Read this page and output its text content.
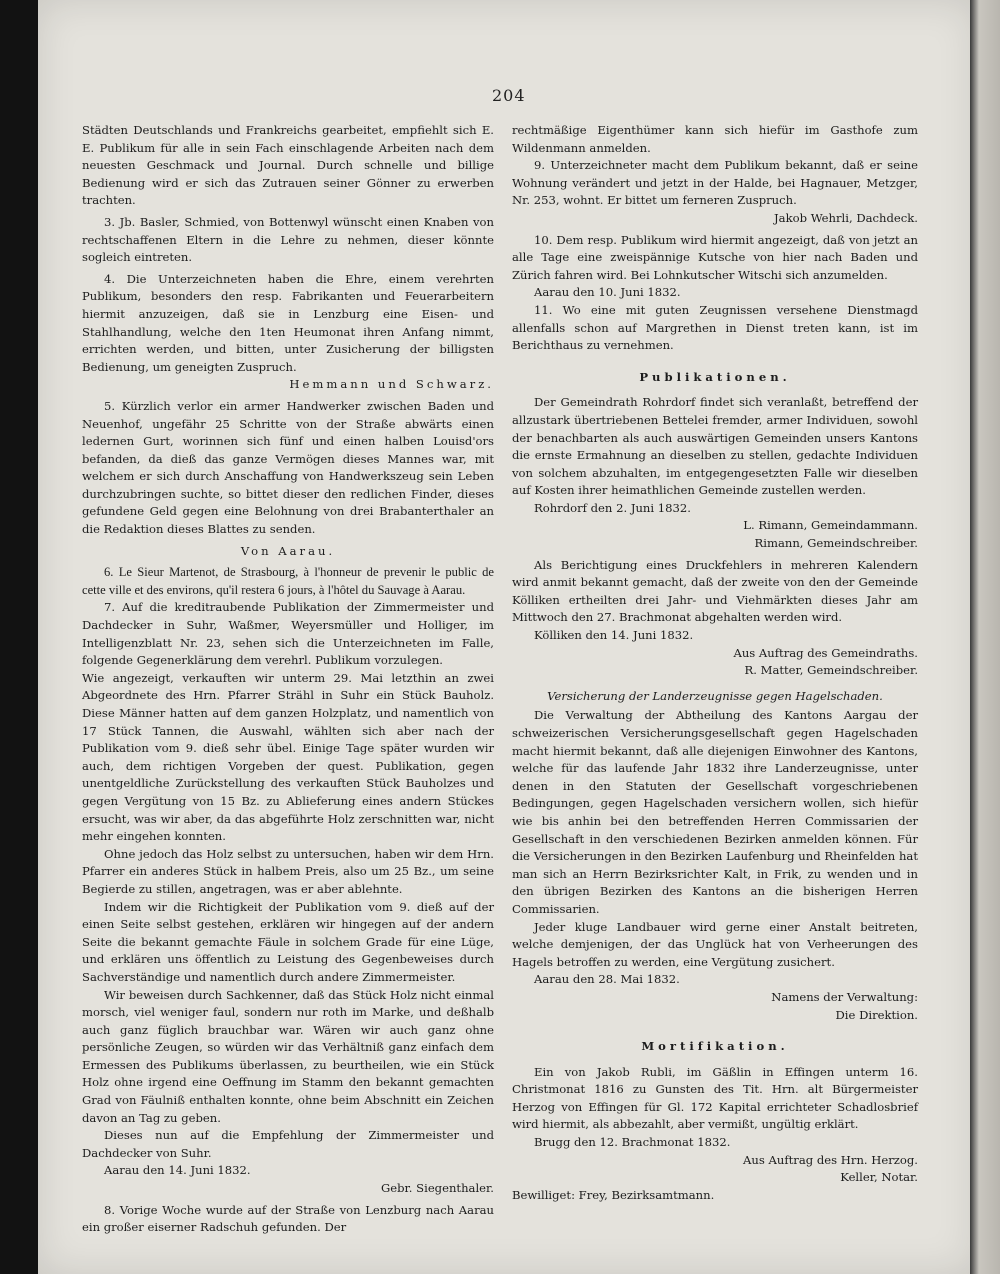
204

Städten Deutschlands und Frankreichs gearbeitet, empfiehlt sich E. E. Publikum für alle in sein Fach einschlagende Arbeiten nach dem neuesten Geschmack und Journal. Durch schnelle und billige Bedienung wird er sich das Zutrauen seiner Gönner zu erwerben trachten.

3. Jb. Basler, Schmied, von Bottenwyl wünscht einen Knaben von rechtschaffenen Eltern in die Lehre zu nehmen, dieser könnte sogleich eintreten.

4. Die Unterzeichneten haben die Ehre, einem verehrten Publikum, besonders den resp. Fabrikanten und Feuerarbeitern hiermit anzuzeigen, daß sie in Lenzburg eine Eisen- und Stahlhandlung, welche den 1ten Heumonat ihren Anfang nimmt, errichten werden, und bitten, unter Zusicherung der billigsten Bedienung, um geneigten Zuspruch.

Hemmann und Schwarz.

5. Kürzlich verlor ein armer Handwerker zwischen Baden und Neuenhof, ungefähr 25 Schritte von der Straße abwärts einen ledernen Gurt, worinnen sich fünf und einen halben Louisd'ors befanden, da dieß das ganze Vermögen dieses Mannes war, mit welchem er sich durch Anschaffung von Handwerkszeug sein Leben durchzubringen suchte, so bittet dieser den redlichen Finder, dieses gefundene Geld gegen eine Belohnung von drei Brabanterthaler an die Redaktion dieses Blattes zu senden.

Von Aarau.

6. Le Sieur Martenot, de Strasbourg, à l'honneur de prevenir le public de cette ville et des environs, qu'il restera 6 jours, à l'hôtel du Sauvage à Aarau.

7. Auf die kreditraubende Publikation der Zimmermeister und Dachdecker in Suhr, Waßmer, Weyersmüller und Holliger, im Intelligenzblatt Nr. 23, sehen sich die Unterzeichneten im Falle, folgende Gegenerklärung dem verehrl. Publikum vorzulegen.

Wie angezeigt, verkauften wir unterm 29. Mai letzthin an zwei Abgeordnete des Hrn. Pfarrer Strähl in Suhr ein Stück Bauholz. Diese Männer hatten auf dem ganzen Holzplatz, und namentlich von 17 Stück Tannen, die Auswahl, wählten sich aber nach der Publikation vom 9. dieß sehr übel. Einige Tage später wurden wir auch, dem richtigen Vorgeben der quest. Publikation, gegen unentgeldliche Zurückstellung des verkauften Stück Bauholzes und gegen Vergütung von 15 Bz. zu Ablieferung eines andern Stückes ersucht, was wir aber, da das abgeführte Holz zerschnitten war, nicht mehr eingehen konnten.

Ohne jedoch das Holz selbst zu untersuchen, haben wir dem Hrn. Pfarrer ein anderes Stück in halbem Preis, also um 25 Bz., um seine Begierde zu stillen, angetragen, was er aber ablehnte.

Indem wir die Richtigkeit der Publikation vom 9. dieß auf der einen Seite selbst gestehen, erklären wir hingegen auf der andern Seite die bekannt gemachte Fäule in solchem Grade für eine Lüge, und erklären uns öffentlich zu Leistung des Gegenbeweises durch Sachverständige und namentlich durch andere Zimmermeister.

Wir beweisen durch Sachkenner, daß das Stück Holz nicht einmal morsch, viel weniger faul, sondern nur roth im Marke, und deßhalb auch ganz füglich brauchbar war. Wären wir auch ganz ohne persönliche Zeugen, so würden wir das Verhältniß ganz einfach dem Ermessen des Publikums überlassen, zu beurtheilen, wie ein Stück Holz ohne irgend eine Oeffnung im Stamm den bekannt gemachten Grad von Fäulniß enthalten konnte, ohne beim Abschnitt ein Zeichen davon an Tag zu geben.

Dieses nun auf die Empfehlung der Zimmermeister und Dachdecker von Suhr.

Aarau den 14. Juni 1832.

Gebr. Siegenthaler.

8. Vorige Woche wurde auf der Straße von Lenzburg nach Aarau ein großer eiserner Radschuh gefunden. Der

rechtmäßige Eigenthümer kann sich hiefür im Gasthofe zum Wildenmann anmelden.

9. Unterzeichneter macht dem Publikum bekannt, daß er seine Wohnung verändert und jetzt in der Halde, bei Hagnauer, Metzger, Nr. 253, wohnt. Er bittet um ferneren Zuspruch.

Jakob Wehrli, Dachdeck.

10. Dem resp. Publikum wird hiermit angezeigt, daß von jetzt an alle Tage eine zweispännige Kutsche von hier nach Baden und Zürich fahren wird. Bei Lohnkutscher Witschi sich anzumelden.

Aarau den 10. Juni 1832.

11. Wo eine mit guten Zeugnissen versehene Dienstmagd allenfalls schon auf Margrethen in Dienst treten kann, ist im Berichthaus zu vernehmen.

Publikationen.

Der Gemeindrath Rohrdorf findet sich veranlaßt, betreffend der allzustark übertriebenen Bettelei fremder, armer Individuen, sowohl der benachbarten als auch auswärtigen Gemeinden unsers Kantons die ernste Ermahnung an dieselben zu stellen, gedachte Individuen von solchem abzuhalten, im entgegengesetzten Falle wir dieselben auf Kosten ihrer heimathlichen Gemeinde zustellen werden.

Rohrdorf den 2. Juni 1832.

L. Rimann, Gemeindammann.

Rimann, Gemeindschreiber.

Als Berichtigung eines Druckfehlers in mehreren Kalendern wird anmit bekannt gemacht, daß der zweite von den der Gemeinde Kölliken ertheilten drei Jahr- und Viehmärkten dieses Jahr am Mittwoch den 27. Brachmonat abgehalten werden wird.

Kölliken den 14. Juni 1832.

Aus Auftrag des Gemeindraths.

R. Matter, Gemeindschreiber.

Versicherung der Landerzeugnisse gegen Hagelschaden.

Die Verwaltung der Abtheilung des Kantons Aargau der schweizerischen Versicherungsgesellschaft gegen Hagelschaden macht hiermit bekannt, daß alle diejenigen Einwohner des Kantons, welche für das laufende Jahr 1832 ihre Landerzeugnisse, unter denen in den Statuten der Gesellschaft vorgeschriebenen Bedingungen, gegen Hagelschaden versichern wollen, sich hiefür wie bis anhin bei den betreffenden Herren Commissarien der Gesellschaft in den verschiedenen Bezirken anmelden können. Für die Versicherungen in den Bezirken Laufenburg und Rheinfelden hat man sich an Herrn Bezirksrichter Kalt, in Frik, zu wenden und in den übrigen Bezirken des Kantons an die bisherigen Herren Commissarien.

Jeder kluge Landbauer wird gerne einer Anstalt beitreten, welche demjenigen, der das Unglück hat von Verheerungen des Hagels betroffen zu werden, eine Vergütung zusichert.

Aarau den 28. Mai 1832.

Namens der Verwaltung:

Die Direktion.

Mortifikation.

Ein von Jakob Rubli, im Gäßlin in Effingen unterm 16. Christmonat 1816 zu Gunsten des Tit. Hrn. alt Bürgermeister Herzog von Effingen für Gl. 172 Kapital errichteter Schadlosbrief wird hiermit, als abbezahlt, aber vermißt, ungültig erklärt.

Brugg den 12. Brachmonat 1832.

Aus Auftrag des Hrn. Herzog.

Keller, Notar.

Bewilliget: Frey, Bezirksamtmann.
